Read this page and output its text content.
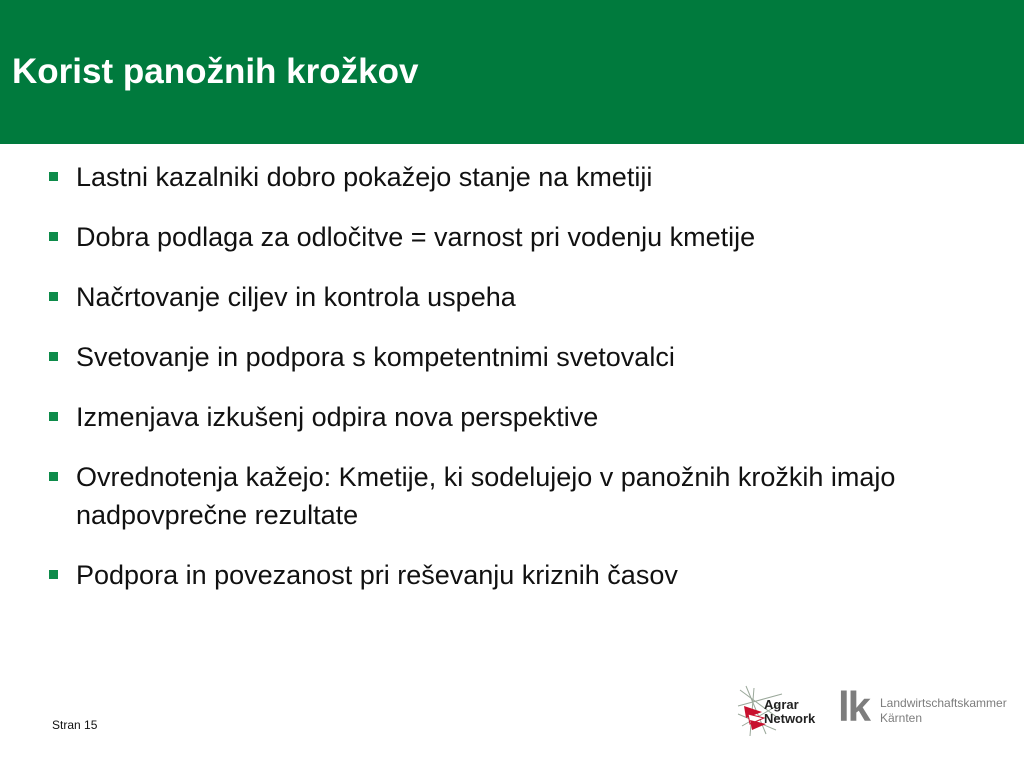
Korist panožnih krožkov
Lastni kazalniki dobro pokažejo stanje na kmetiji
Dobra podlaga za odločitve = varnost pri vodenju kmetije
Načrtovanje ciljev in kontrola uspeha
Svetovanje in podpora s kompetentnimi svetovalci
Izmenjava izkušenj odpira nova perspektive
Ovrednotenja kažejo: Kmetije, ki sodelujejo v panožnih krožkih imajo nadpovprečne rezultate
Podpora in povezanost pri reševanju kriznih časov
Stran 15
Agrar
Network lk Landwirtschaftskammer
Kärnten
